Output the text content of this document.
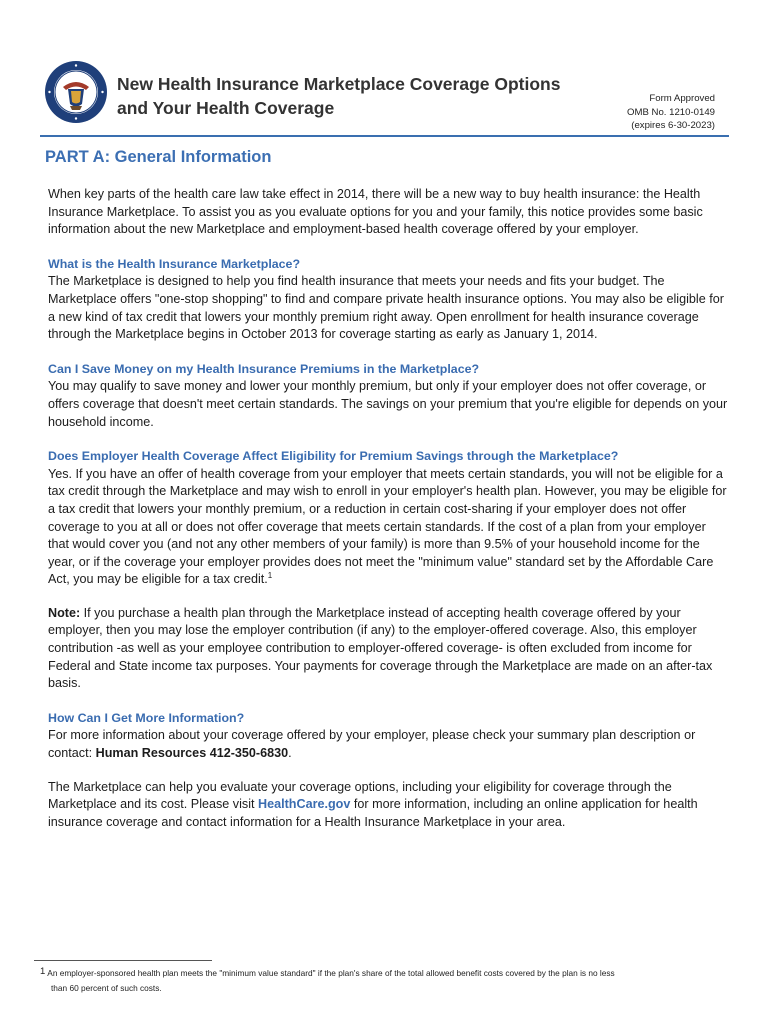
New Health Insurance Marketplace Coverage Options
and Your Health Coverage	Form Approved
OMB No. 1210-0149
(expires 6-30-2023)
PART A: General Information

When key parts of the health care law take effect in 2014, there will be a new way to buy health insurance: the Health Insurance Marketplace. To assist you as you evaluate options for you and your family, this notice provides some basic information about the new Marketplace and employment-based health coverage offered by your employer.

What is the Health Insurance Marketplace?

The Marketplace is designed to help you find health insurance that meets your needs and fits your budget. The Marketplace offers "one-stop shopping" to find and compare private health insurance options. You may also be eligible for a new kind of tax credit that lowers your monthly premium right away. Open enrollment for health insurance coverage through the Marketplace begins in October 2013 for coverage starting as early as January 1, 2014.

Can I Save Money on my Health Insurance Premiums in the Marketplace?

You may qualify to save money and lower your monthly premium, but only if your employer does not offer coverage, or offers coverage that doesn't meet certain standards. The savings on your premium that you're eligible for depends on your household income.

Does Employer Health Coverage Affect Eligibility for Premium Savings through the Marketplace?

Yes. If you have an offer of health coverage from your employer that meets certain standards, you will not be eligible for a tax credit through the Marketplace and may wish to enroll in your employer's health plan. However, you may be eligible for a tax credit that lowers your monthly premium, or a reduction in certain cost-sharing if your employer does not offer coverage to you at all or does not offer coverage that meets certain standards. If the cost of a plan from your employer that would cover you (and not any other members of your family) is more than 9.5% of your household income for the year, or if the coverage your employer provides does not meet the "minimum value" standard set by the Affordable Care Act, you may be eligible for a tax credit.$^1$

Note: If you purchase a health plan through the Marketplace instead of accepting health coverage offered by your employer, then you may lose the employer contribution (if any) to the employer-offered coverage. Also, this employer contribution -as well as your employee contribution to employer-offered coverage- is often excluded from income for Federal and State income tax purposes. Your payments for coverage through the Marketplace are made on an after-tax basis.

How Can I Get More Information?

For more information about your coverage offered by your employer, please check your summary plan description or contact: Human Resources 412-350-6830.

The Marketplace can help you evaluate your coverage options, including your eligibility for coverage through the Marketplace and its cost. Please visit HealthCare.gov for more information, including an online application for health insurance coverage and contact information for a Health Insurance Marketplace in your area.

1 An employer-sponsored health plan meets the "minimum value standard" if the plan's share of the total allowed benefit costs covered by the plan is no less
than 60 percent of such costs.
